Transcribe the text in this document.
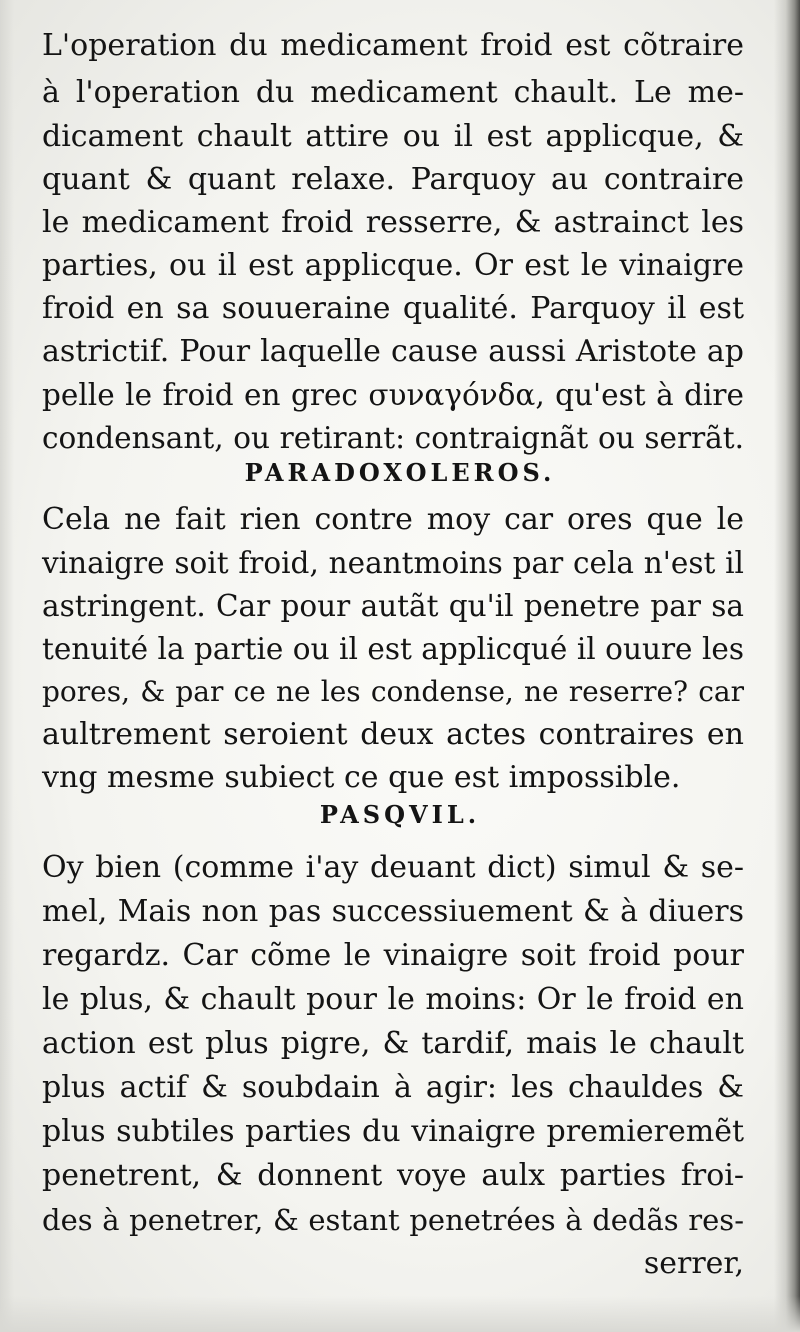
L'operation du medicament froid est cõtraire
à l'operation du medicament chault. Le me-
dicament chault attire ou il est applicque, &
quant & quant relaxe. Parquoy au contraire
le medicament froid resserre, & astrainct les
parties, ou il est applicque. Or est le vinaigre
froid en sa souueraine qualité. Parquoy il est
astrictif. Pour laquelle cause aussi Aristote ap
pelle le froid en grec συναγόνδα, qu'est à dire
condensant, ou retirant: contraignãt ou serrãt.
PARADOXOLEROS.
Cela ne fait rien contre moy car ores que le
vinaigre soit froid, neantmoins par cela n'est il
astringent. Car pour autãt qu'il penetre par sa
tenuité la partie ou il est applicqué il ouure les
pores, & par ce ne les condense, ne reserre? car
aultrement seroient deux actes contraires en
vng mesme subiect ce que est impossible.
PASQVIL.
Oy bien (comme i'ay deuant dict) simul & se-
mel, Mais non pas successiuement & à diuers
regardz. Car cõme le vinaigre soit froid pour
le plus, & chault pour le moins: Or le froid en
action est plus pigre, & tardif, mais le chault
plus actif & soubdain à agir: les chauldes &
plus subtiles parties du vinaigre premieremẽt
penetrent, & donnent voye aulx parties froi-
des à penetrer, & estant penetrées à dedãs res-
serrer,
